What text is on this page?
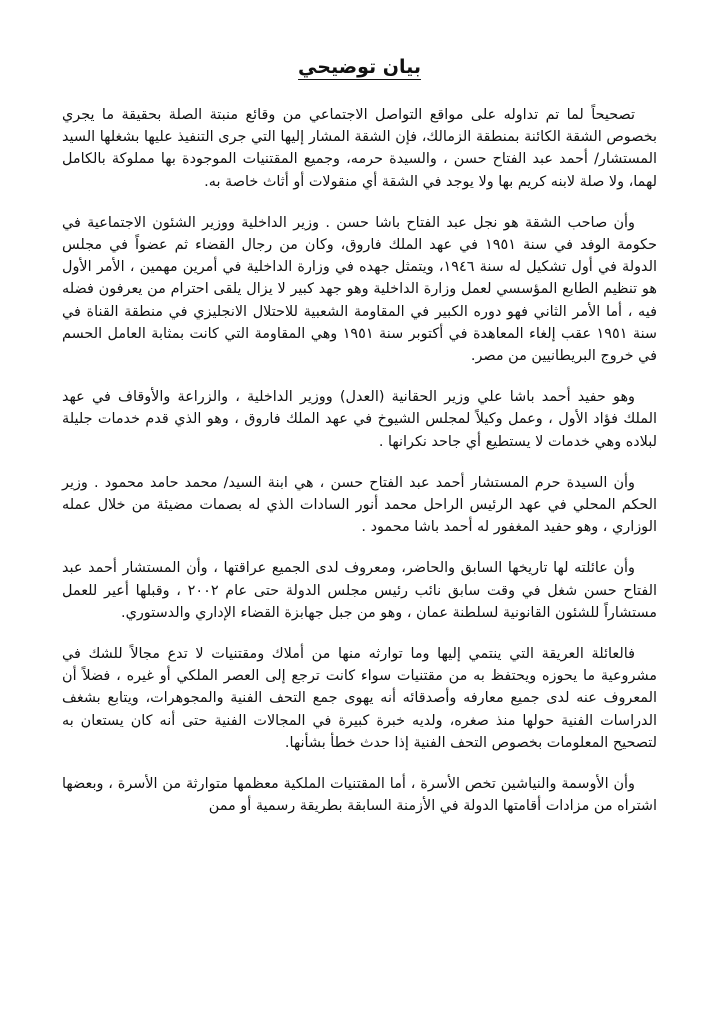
بيان توضيحي

تصحيحاً لما تم تداوله على مواقع التواصل الاجتماعي من وقائع منبتة الصلة بحقيقة ما يجري بخصوص الشقة الكائنة بمنطقة الزمالك، فإن الشقة المشار إليها التي جرى التنفيذ عليها بشغلها السيد المستشار/ أحمد عبد الفتاح حسن ، والسيدة حرمه، وجميع المقتنيات الموجودة بها مملوكة بالكامل لهما، ولا صلة لابنه كريم بها ولا يوجد في الشقة أي منقولات أو أثاث خاصة به.

وأن صاحب الشقة هو نجل عبد الفتاح باشا حسن . وزير الداخلية ووزير الشئون الاجتماعية في حكومة الوفد في سنة ١٩٥١ في عهد الملك فاروق، وكان من رجال القضاء ثم عضواً في مجلس الدولة في أول تشكيل له سنة ١٩٤٦، ويتمثل جهده في وزارة الداخلية في أمرين مهمين ، الأمر الأول هو تنظيم الطابع المؤسسي لعمل وزارة الداخلية وهو جهد كبير لا يزال يلقى احترام من يعرفون فضله فيه ، أما الأمر الثاني فهو دوره الكبير في المقاومة الشعبية للاحتلال الانجليزي في منطقة القناة في سنة ١٩٥١ عقب إلغاء المعاهدة في أكتوبر سنة ١٩٥١ وهي المقاومة التي كانت بمثابة العامل الحسم في خروج البريطانيين من مصر.

وهو حفيد أحمد باشا علي وزير الحقانية (العدل) ووزير الداخلية ، والزراعة والأوقاف في عهد الملك فؤاد الأول ، وعمل وكيلاً لمجلس الشيوخ في عهد الملك فاروق ، وهو الذي قدم خدمات جليلة لبلاده وهي خدمات لا يستطيع أي جاحد نكرانها .

وأن السيدة حرم المستشار أحمد عبد الفتاح حسن ، هي ابنة السيد/ محمد حامد محمود . وزير الحكم المحلي في عهد الرئيس الراحل محمد أنور السادات الذي له بصمات مضيئة من خلال عمله الوزاري ، وهو حفيد المغفور له أحمد باشا محمود .

وأن عائلته لها تاريخها السابق والحاضر، ومعروف لدى الجميع عراقتها ، وأن المستشار أحمد عبد الفتاح حسن شغل في وقت سابق نائب رئيس مجلس الدولة حتى عام ٢٠٠٢ ، وقبلها أعير للعمل مستشاراً للشئون القانونية لسلطنة عمان ، وهو من جبل جهابزة القضاء الإداري والدستوري.

فالعائلة العريقة التي ينتمي إليها وما توارثه منها من أملاك ومقتنيات لا تدع مجالاً للشك في مشروعية ما يحوزه ويحتفظ به من مقتنيات سواء كانت ترجع إلى العصر الملكي أو غيره ، فضلاً أن المعروف عنه لدى جميع معارفه وأصدقائه أنه يهوى جمع التحف الفنية والمجوهرات، ويتابع بشغف الدراسات الفنية حولها منذ صغره، ولديه خبرة كبيرة في المجالات الفنية حتى أنه كان يستعان به لتصحيح المعلومات بخصوص التحف الفنية إذا حدث خطأ بشأنها.

وأن الأوسمة والنياشين تخص الأسرة ، أما المقتنيات الملكية معظمها متوارثة من الأسرة ، وبعضها اشتراه من مزادات أقامتها الدولة في الأزمنة السابقة بطريقة رسمية أو ممن
